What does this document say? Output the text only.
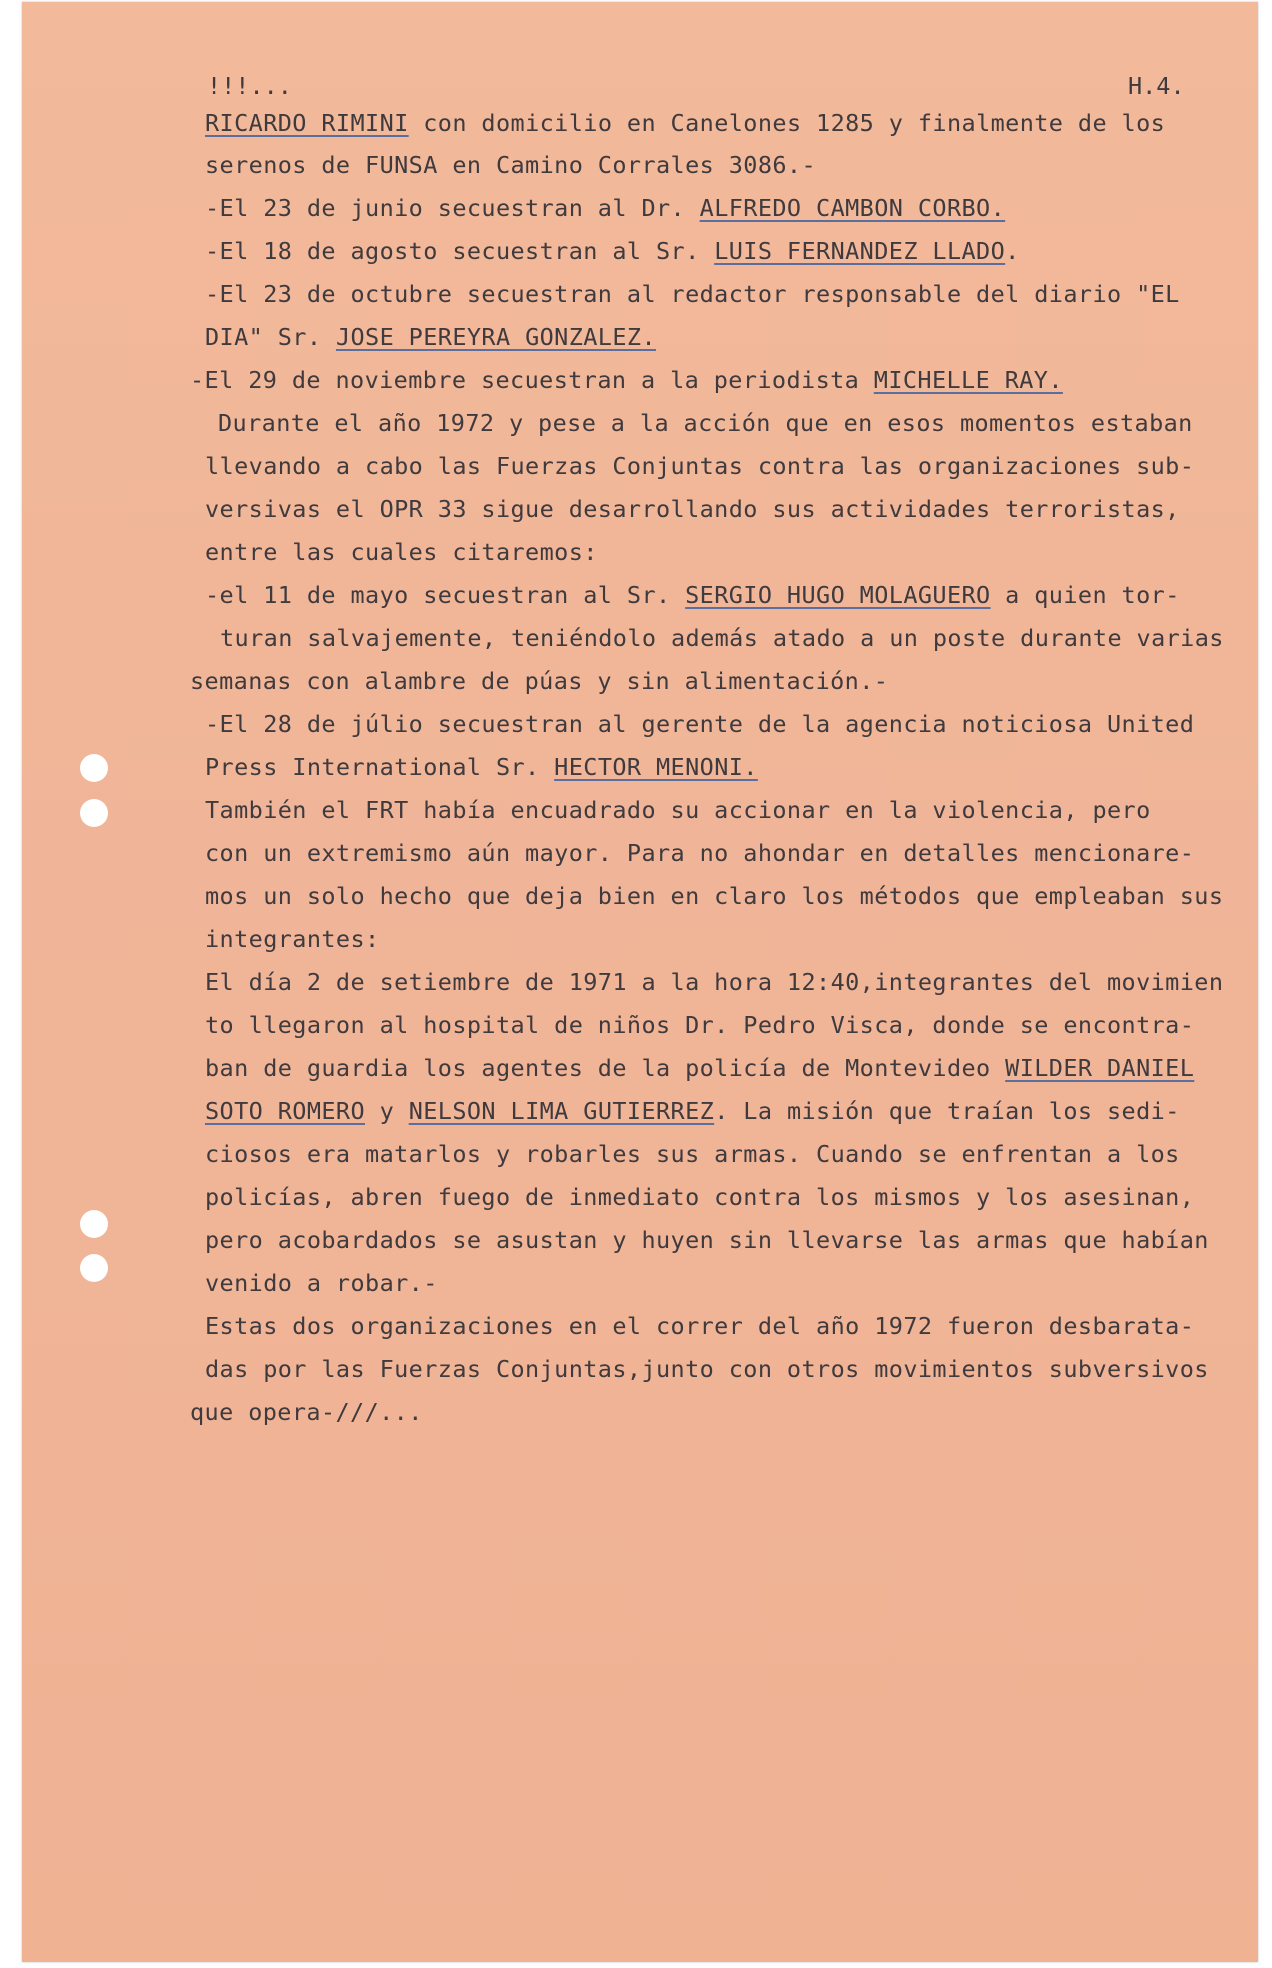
!!!...	H.4.
RICARDO RIMINI con domicilio en Canelones 1285 y finalmente de los
serenos de FUNSA en Camino Corrales 3086.-
-El 23 de junio secuestran al Dr. ALFREDO CAMBON CORBO.
-El 18 de agosto secuestran al Sr. LUIS FERNANDEZ LLADO.
-El 23 de octubre secuestran al redactor responsable del diario "EL
DIA" Sr. JOSE PEREYRA GONZALEZ.
-El 29 de noviembre secuestran a la periodista MICHELLE RAY.
Durante el año 1972 y pese a la acción que en esos momentos estaban
llevando a cabo las Fuerzas Conjuntas contra las organizaciones sub-
versivas el OPR 33 sigue desarrollando sus actividades terroristas,
entre las cuales citaremos:
-el 11 de mayo secuestran al Sr. SERGIO HUGO MOLAGUERO a quien tor-
turan salvajemente, teniéndolo además atado a un poste durante varias
semanas con alambre de púas y sin alimentación.-
-El 28 de júlio secuestran al gerente de la agencia noticiosa United
Press International Sr. HECTOR MENONI.
También el FRT había encuadrado su accionar en la violencia, pero
con un extremismo aún mayor. Para no ahondar en detalles mencionare-
mos un solo hecho que deja bien en claro los métodos que empleaban sus
integrantes:
El día 2 de setiembre de 1971 a la hora 12:40,integrantes del movimien
to llegaron al hospital de niños Dr. Pedro Visca, donde se encontra-
ban de guardia los agentes de la policía de Montevideo WILDER DANIEL
SOTO ROMERO y NELSON LIMA GUTIERREZ. La misión que traían los sedi-
ciosos era matarlos y robarles sus armas. Cuando se enfrentan a los
policías, abren fuego de inmediato contra los mismos y los asesinan,
pero acobardados se asustan y huyen sin llevarse las armas que habían
venido a robar.-
Estas dos organizaciones en el correr del año 1972 fueron desbarata-
das por las Fuerzas Conjuntas,junto con otros movimientos subversivos
que opera-///...
